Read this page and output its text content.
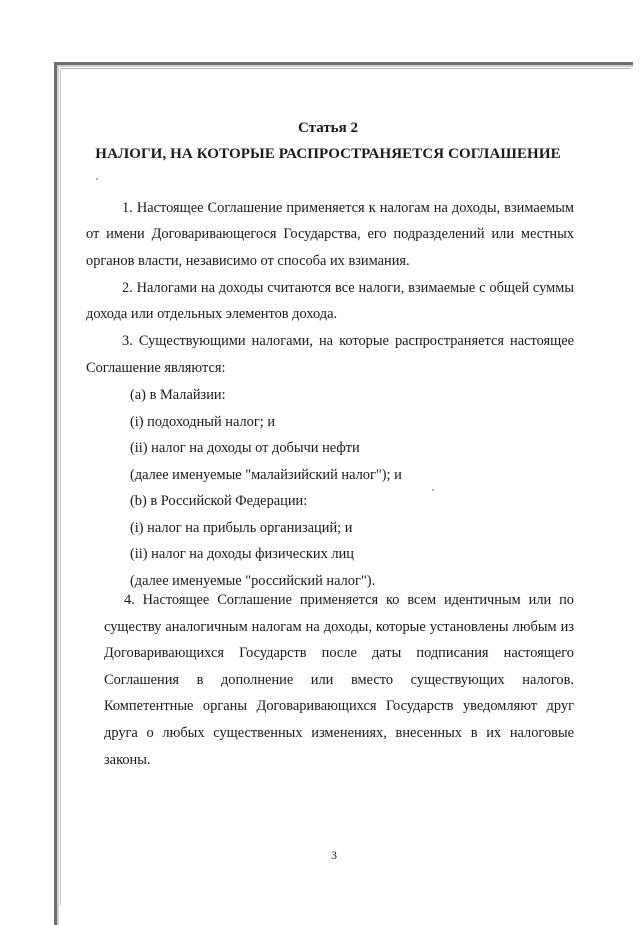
Статья 2
НАЛОГИ, НА КОТОРЫЕ РАСПРОСТРАНЯЕТСЯ СОГЛАШЕНИЕ

1. Настоящее Соглашение применяется к налогам на доходы, взимаемым от имени Договаривающегося Государства, его подразделений или местных органов власти, независимо от способа их взимания.

2. Налогами на доходы считаются все налоги, взимаемые с общей суммы дохода или отдельных элементов дохода.

3. Существующими налогами, на которые распространяется настоящее Соглашение являются:

(a) в Малайзии:
(i) подоходный налог; и
(ii) налог на доходы от добычи нефти
(далее именуемые "малайзийский налог"); и
(b) в Российской Федерации:
(i) налог на прибыль организаций; и
(ii) налог на доходы физических лиц
(далее именуемые "российский налог").

4. Настоящее Соглашение применяется ко всем идентичным или по существу аналогичным налогам на доходы, которые установлены любым из Договаривающихся Государств после даты подписания настоящего Соглашения в дополнение или вместо существующих налогов. Компетентные органы Договаривающихся Государств уведомляют друг друга о любых существенных изменениях, внесенных в их налоговые законы.

3
